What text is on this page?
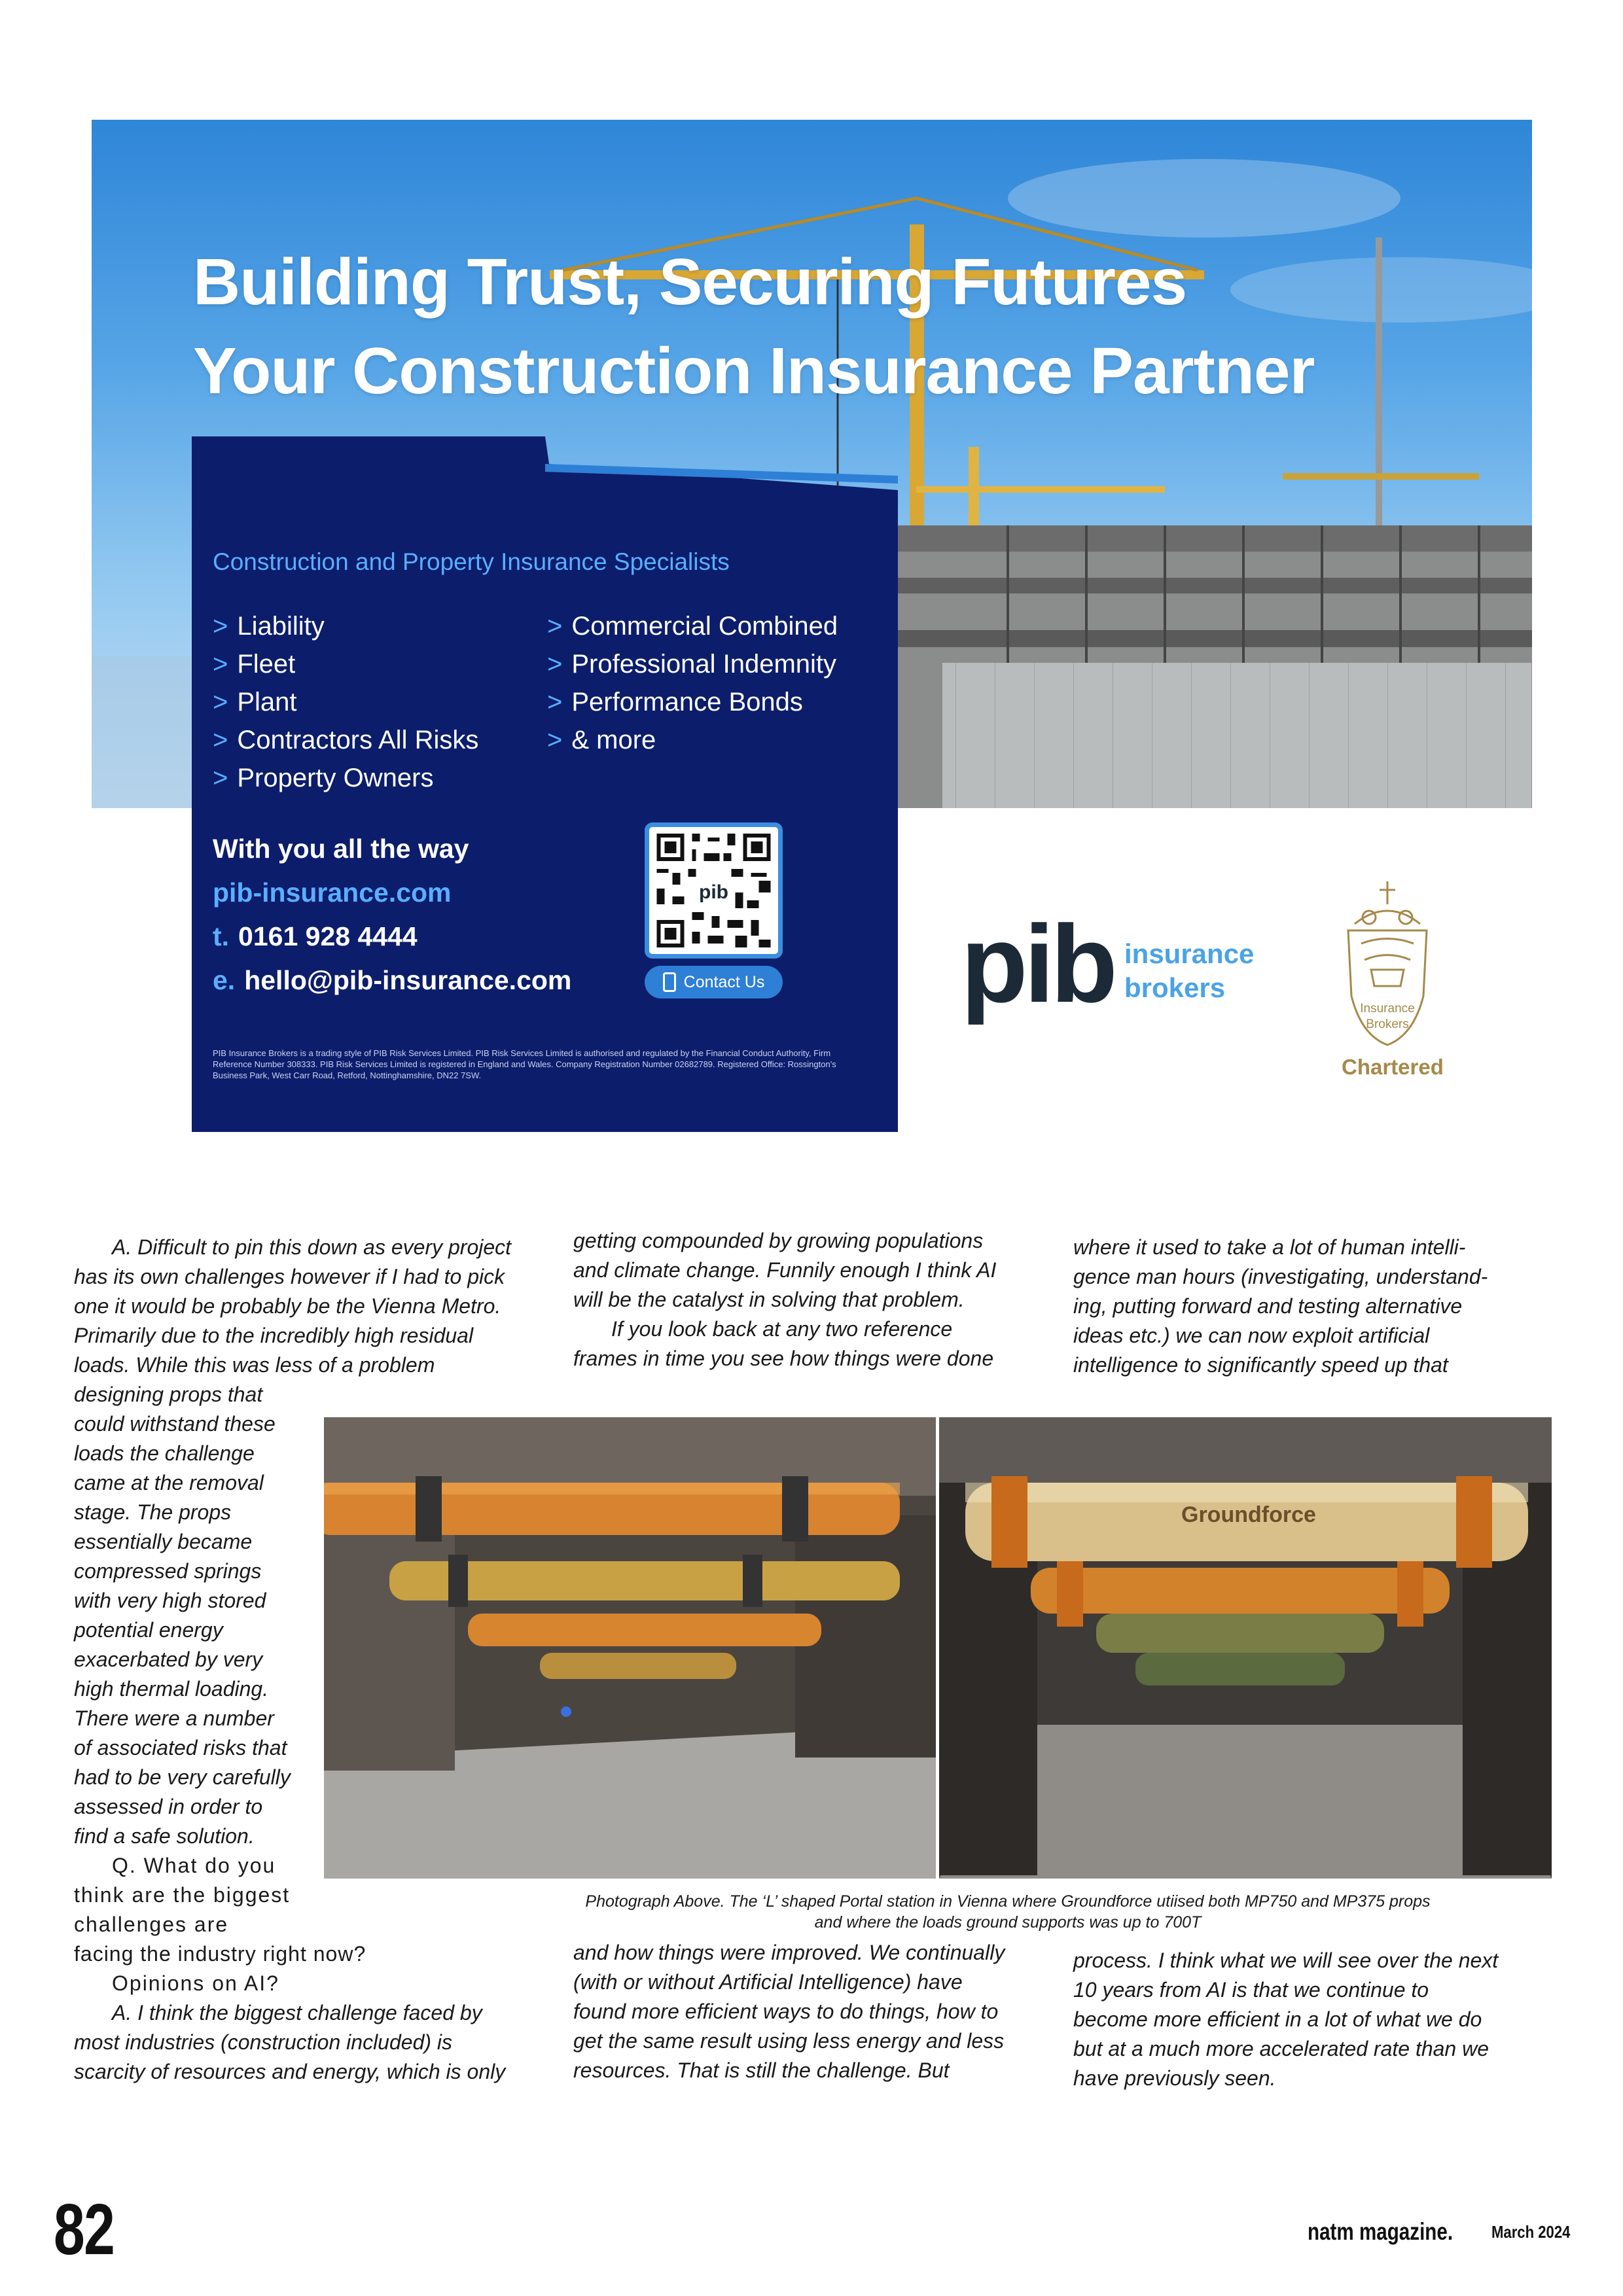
Building Trust, Securing Futures
Your Construction Insurance Partner
Construction and Property Insurance Specialists
> Liability
> Fleet
> Plant
> Contractors All Risks
> Property Owners
> Commercial Combined
> Professional Indemnity
> Performance Bonds
> & more
With you all the way
pib-insurance.com
t. 0161 928 4444
e. hello@pib-insurance.com
pib
Contact Us
PIB Insurance Brokers is a trading style of PIB Risk Services Limited. PIB Risk Services Limited is authorised and regulated by the Financial Conduct Authority, Firm Reference Number 308333. PIB Risk Services Limited is registered in England and Wales. Company Registration Number 02682789. Registered Office: Rossington's Business Park, West Carr Road, Retford, Nottinghamshire, DN22 7SW.
pib insurance
brokers
Insurance
Brokers
Chartered

A. Difficult to pin this down as every project

has its own challenges however if I had to pick

one it would be probably be the Vienna Metro.

Primarily due to the incredibly high residual

loads. While this was less of a problem

designing props that

could withstand these

loads the challenge

came at the removal

stage. The props

essentially became

compressed springs

with very high stored

potential energy

exacerbated by very

high thermal loading.

There were a number

of associated risks that

had to be very carefully

assessed in order to

find a safe solution.

Q. What do you

think are the biggest

challenges are

facing the industry right now?

Opinions on AI?

A. I think the biggest challenge faced by

most industries (construction included) is

scarcity of resources and energy, which is only

getting compounded by growing populations

and climate change. Funnily enough I think AI

will be the catalyst in solving that problem.

If you look back at any two reference

frames in time you see how things were done

and how things were improved. We continually

(with or without Artificial Intelligence) have

found more efficient ways to do things, how to

get the same result using less energy and less

resources. That is still the challenge. But

where it used to take a lot of human intelli-

gence man hours (investigating, understand-

ing, putting forward and testing alternative

ideas etc.) we can now exploit artificial

intelligence to significantly speed up that

process. I think what we will see over the next

10 years from AI is that we continue to

become more efficient in a lot of what we do

but at a much more accelerated rate than we

have previously seen.

Groundforce
Photograph Above. The ‘L’ shaped Portal station in Vienna where Groundforce utiised both MP750 and MP375 props
and where the loads ground supports was up to 700T
82	natm magazine. March 2024
